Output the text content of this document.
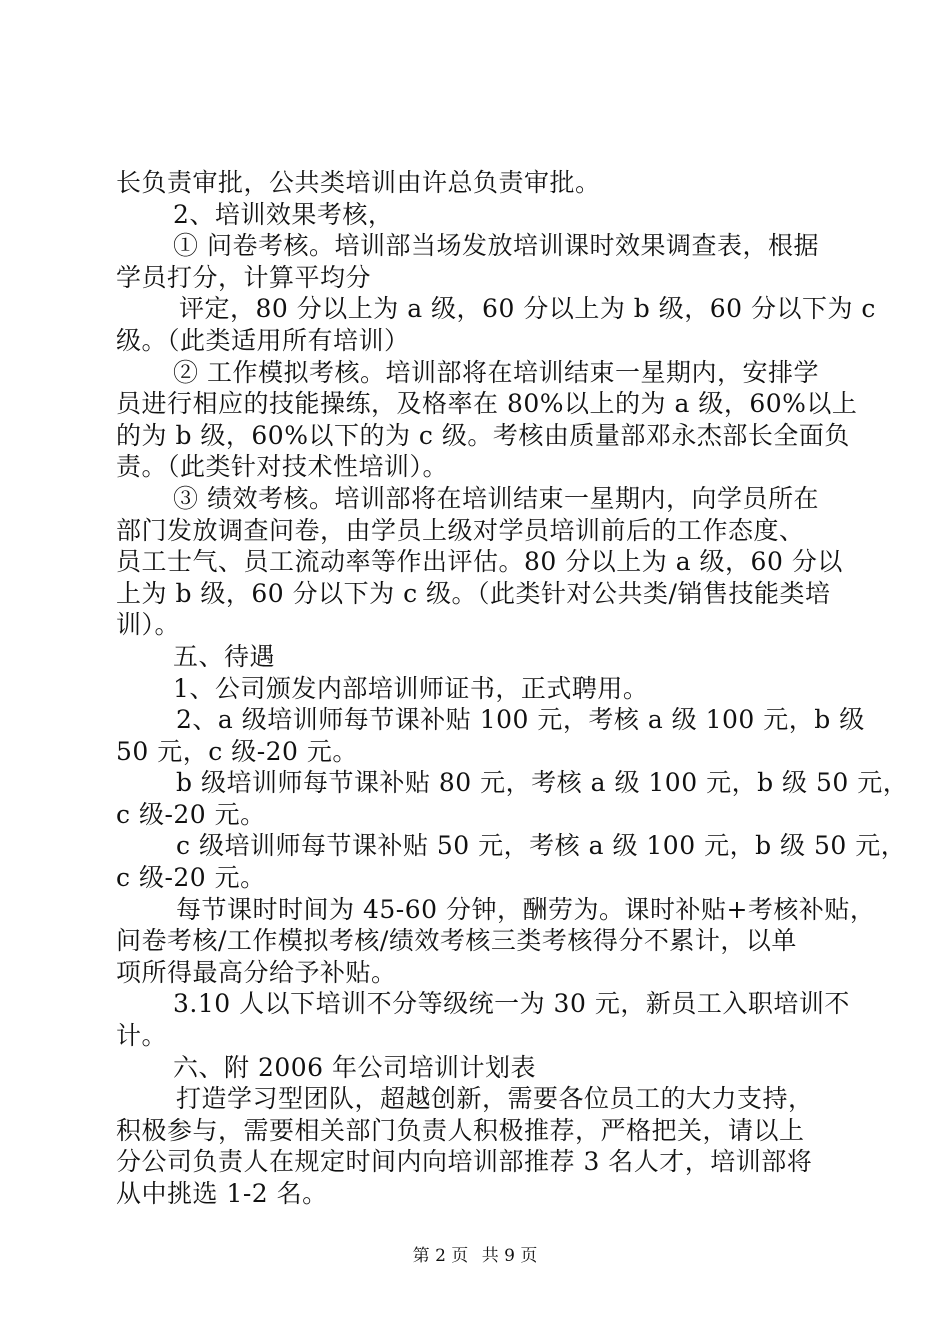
长负责审批，公共类培训由许总负责审批。
2、培训效果考核，
① 问卷考核。培训部当场发放培训课时效果调查表，根据
学员打分，计算平均分
评定，80 分以上为 a 级，60 分以上为 b 级，60 分以下为 c
级。（此类适用所有培训）
② 工作模拟考核。培训部将在培训结束一星期内，安排学
员进行相应的技能操练，及格率在 80%以上的为 a 级，60%以上
的为 b 级，60%以下的为 c 级。考核由质量部邓永杰部长全面负
责。（此类针对技术性培训）。
③ 绩效考核。培训部将在培训结束一星期内，向学员所在
部门发放调查问卷，由学员上级对学员培训前后的工作态度、
员工士气、员工流动率等作出评估。80 分以上为 a 级，60 分以
上为 b 级，60 分以下为 c 级。（此类针对公共类/销售技能类培
训）。
五、待遇
1、公司颁发内部培训师证书，正式聘用。
2、a 级培训师每节课补贴 100 元，考核 a 级 100 元，b 级
50 元，c 级-20 元。
b 级培训师每节课补贴 80 元，考核 a 级 100 元，b 级 50 元，
c 级-20 元。
c 级培训师每节课补贴 50 元，考核 a 级 100 元，b 级 50 元，
c 级-20 元。
每节课时时间为 45-60 分钟，酬劳为。课时补贴+考核补贴，
问卷考核/工作模拟考核/绩效考核三类考核得分不累计，以单
项所得最高分给予补贴。
3.10 人以下培训不分等级统一为 30 元，新员工入职培训不
计。
六、附 2006 年公司培训计划表
打造学习型团队，超越创新，需要各位员工的大力支持，
积极参与，需要相关部门负责人积极推荐，严格把关，请以上
分公司负责人在规定时间内向培训部推荐 3 名人才，培训部将
从中挑选 1-2 名。
第 2 页 共 9 页
